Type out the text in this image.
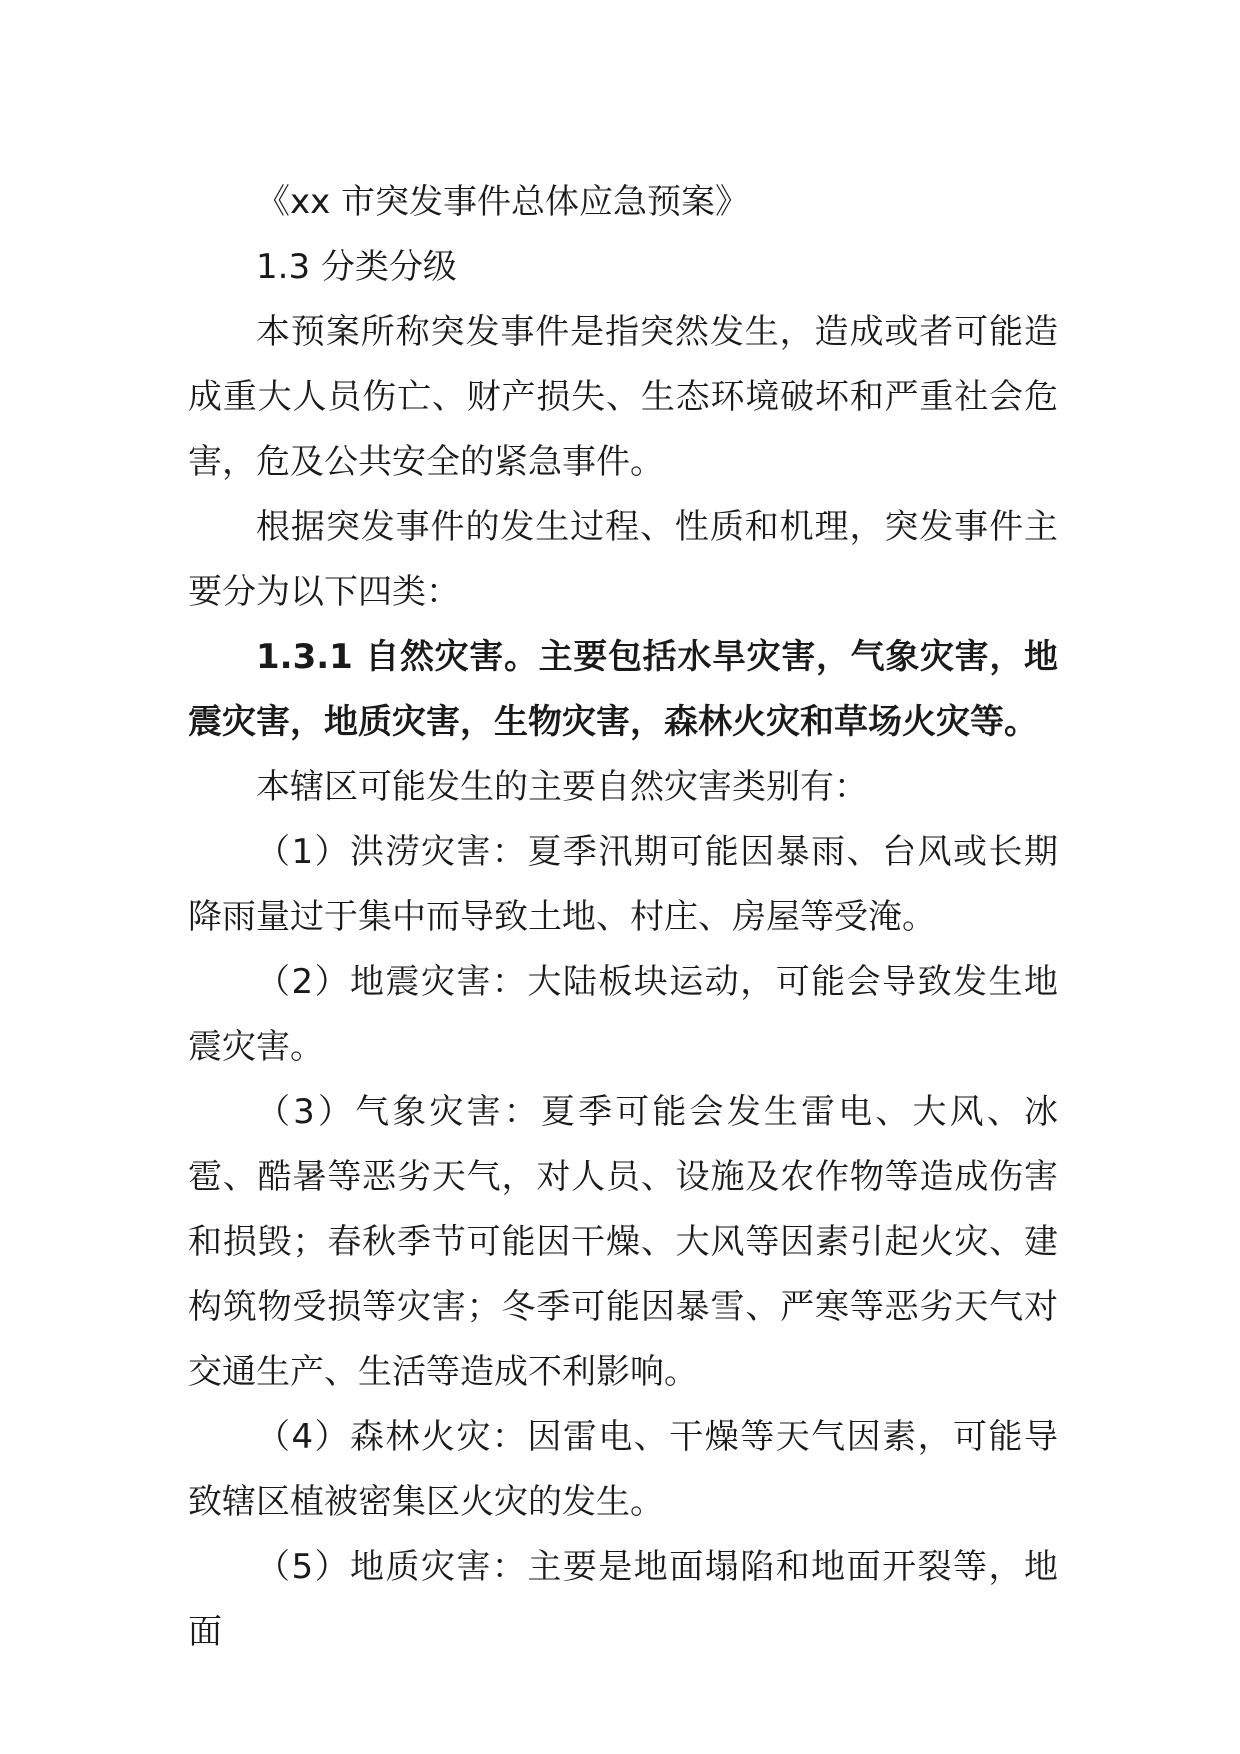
《xx 市突发事件总体应急预案》

1.3 分类分级

本预案所称突发事件是指突然发生，造成或者可能造成重大人员伤亡、财产损失、生态环境破坏和严重社会危害，危及公共安全的紧急事件。

根据突发事件的发生过程、性质和机理，突发事件主要分为以下四类：

1.3.1 自然灾害。主要包括水旱灾害，气象灾害，地震灾害，地质灾害，生物灾害，森林火灾和草场火灾等。

本辖区可能发生的主要自然灾害类别有：

（1）洪涝灾害：夏季汛期可能因暴雨、台风或长期降雨量过于集中而导致土地、村庄、房屋等受淹。

（2）地震灾害：大陆板块运动，可能会导致发生地震灾害。

（3）气象灾害：夏季可能会发生雷电、大风、冰雹、酷暑等恶劣天气，对人员、设施及农作物等造成伤害和损毁；春秋季节可能因干燥、大风等因素引起火灾、建构筑物受损等灾害；冬季可能因暴雪、严寒等恶劣天气对交通生产、生活等造成不利影响。

（4）森林火灾：因雷电、干燥等天气因素，可能导致辖区植被密集区火灾的发生。

（5）地质灾害：主要是地面塌陷和地面开裂等，地面
